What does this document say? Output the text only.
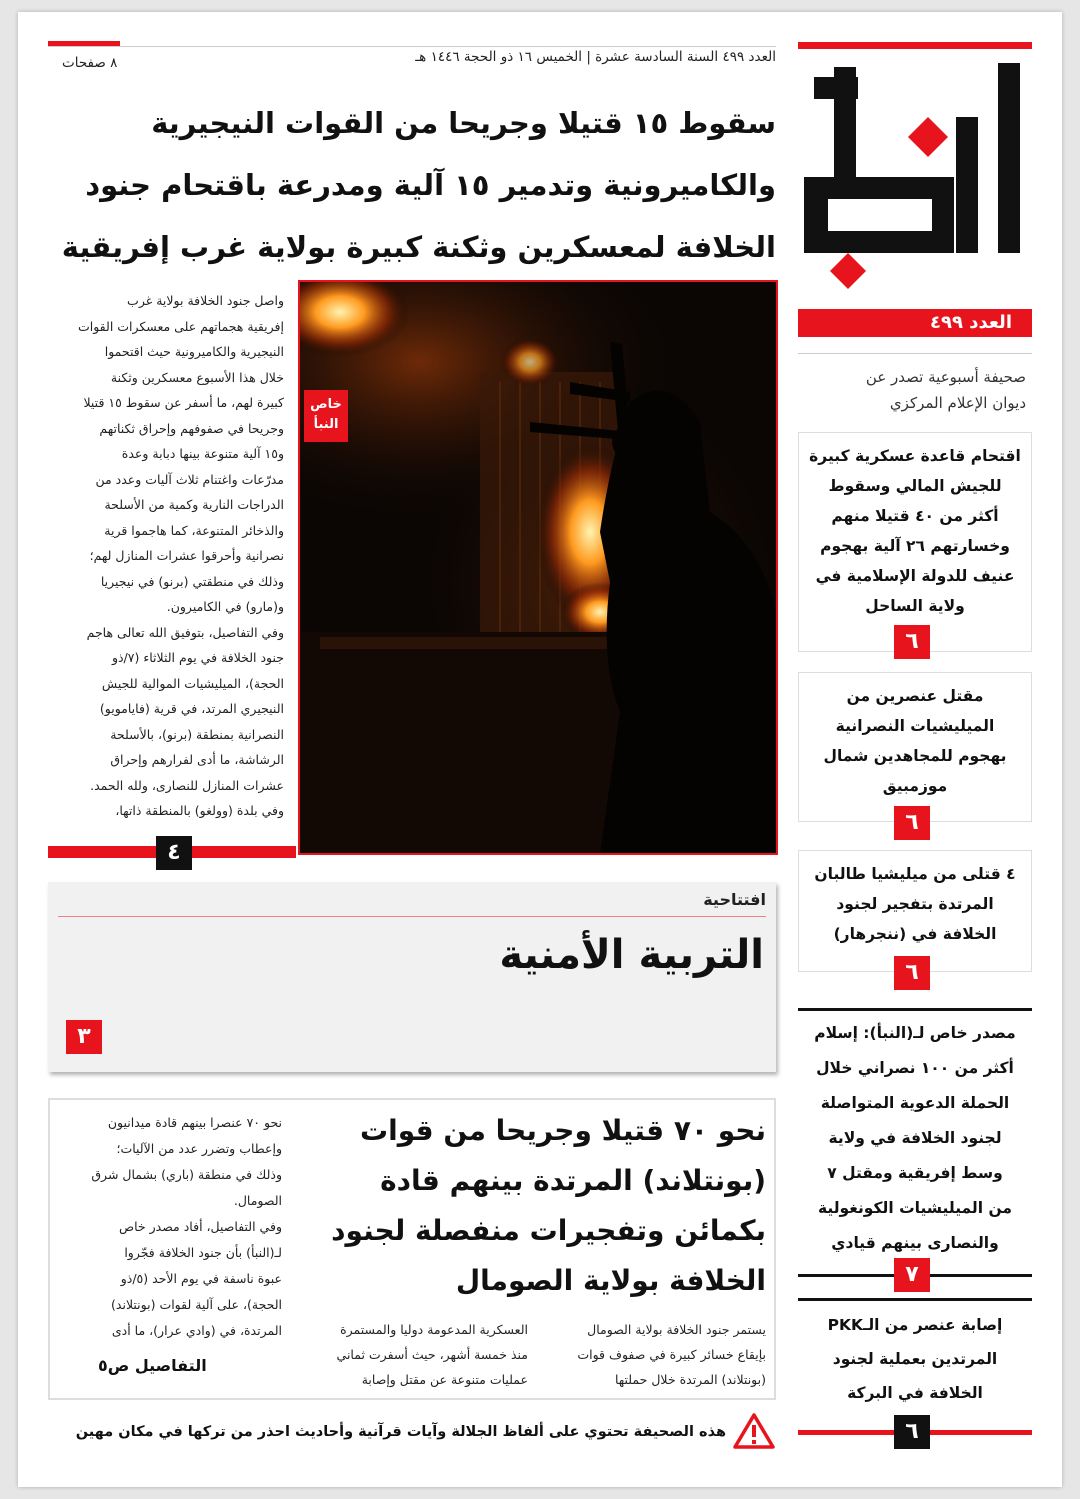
العدد ٤٩٩
صحيفة أسبوعية تصدر عن
ديوان الإعلام المركزي
العدد ٤٩٩ السنة السادسة عشرة | الخميس ١٦ ذو الحجة ١٤٤٦ هـ
٨ صفحات
سقوط ١٥ قتيلا وجريحا من القوات النيجيرية
والكاميرونية وتدمير ١٥ آلية ومدرعة باقتحام جنود
الخلافة لمعسكرين وثكنة كبيرة بولاية غرب إفريقية
خاص
النبأ
واصل جنود الخلافة بولاية غرب
إفريقية هجماتهم على معسكرات القوات
النيجيرية والكاميرونية حيث اقتحموا
خلال هذا الأسبوع معسكرين وثكنة
كبيرة لهم، ما أسفر عن سقوط ١٥ قتيلا
وجريحا في صفوفهم وإحراق ثكناتهم
و١٥ آلية متنوعة بينها دبابة وعدة
مدرّعات واغتنام ثلاث آليات وعدد من
الدراجات النارية وكمية من الأسلحة
والذخائر المتنوعة، كما هاجموا قرية
نصرانية وأحرقوا عشرات المنازل لهم؛
وذلك في منطقتي (برنو) في نيجيريا
و(مارو) في الكاميرون.
وفي التفاصيل، بتوفيق الله تعالى هاجم
جنود الخلافة في يوم الثلاثاء (٧/ذو
الحجة)، الميليشيات الموالية للجيش
النيجيري المرتد، في قرية (فايامويو)
النصرانية بمنطقة (برنو)، بالأسلحة
الرشاشة، ما أدى لفرارهم وإحراق
عشرات المنازل للنصارى، ولله الحمد.
وفي بلدة (وولغو) بالمنطقة ذاتها،
٤
افتتاحية
التربية الأمنية
٣
نحو ٧٠ قتيلا وجريحا من قوات
(بونتلاند) المرتدة بينهم قادة
بكمائن وتفجيرات منفصلة لجنود
الخلافة بولاية الصومال
يستمر جنود الخلافة بولاية الصومال
بإيقاع خسائر كبيرة في صفوف قوات
(بونتلاند) المرتدة خلال حملتها
العسكرية المدعومة دوليا والمستمرة
منذ خمسة أشهر، حيث أسفرت ثماني
عمليات متنوعة عن مقتل وإصابة
نحو ٧٠ عنصرا بينهم قادة ميدانيون
وإعطاب وتضرر عدد من الآليات؛
وذلك في منطقة (باري) بشمال شرق
الصومال.
وفي التفاصيل، أفاد مصدر خاص
لـ(النبأ) بأن جنود الخلافة فجّروا
عبوة ناسفة في يوم الأحد (٥/ذو
الحجة)، على آلية لقوات (بونتلاند)
المرتدة، في (وادي عرار)، ما أدى
التفاصيل ص٥
اقتحام قاعدة عسكرية كبيرة
للجيش المالي وسقوط
أكثر من ٤٠ قتيلا منهم
وخسارتهم ٢٦ آلية بهجوم
عنيف للدولة الإسلامية في
ولاية الساحل
٦
مقتل عنصرين من
الميليشيات النصرانية
بهجوم للمجاهدين شمال
موزمبيق
٦
٤ قتلى من ميليشيا طالبان
المرتدة بتفجير لجنود
الخلافة في (ننجرهار)
٦
مصدر خاص لـ(النبأ): إسلام
أكثر من ١٠٠ نصراني خلال
الحملة الدعوية المتواصلة
لجنود الخلافة في ولاية
وسط إفريقية ومقتل ٧
من الميليشيات الكونغولية
والنصارى بينهم قيادي
٧
إصابة عنصر من الـPKK
المرتدين بعملية لجنود
الخلافة في البركة
٦
هذه الصحيفة تحتوي على ألفاظ الجلالة وآيات قرآنية وأحاديث احذر من تركها في مكان مهين
